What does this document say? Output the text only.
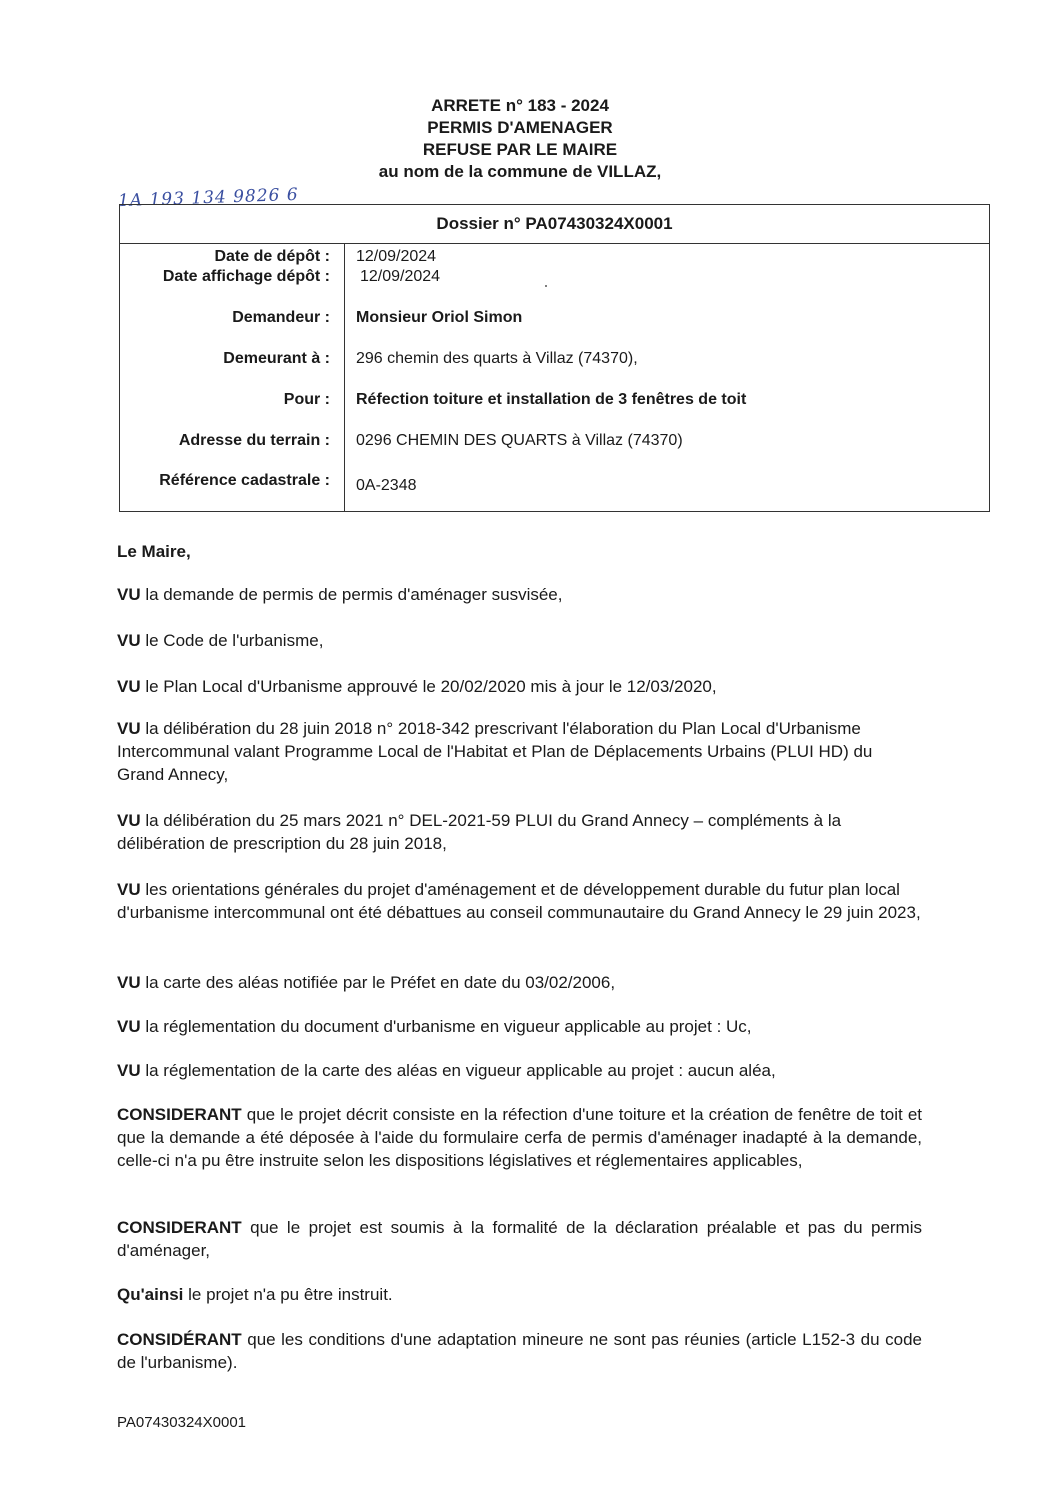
ARRETE n° 183 - 2024
PERMIS D'AMENAGER
REFUSE PAR LE MAIRE
au nom de la commune de VILLAZ,
1A 193 134 9826 6
Dossier n° PA07430324X0001
Date de dépôt : 12/09/2024
Date affichage dépôt : 12/09/2024
Demandeur : Monsieur Oriol Simon
Demeurant à : 296 chemin des quarts à Villaz (74370),
Pour : Réfection toiture et installation de 3 fenêtres de toit
Adresse du terrain : 0296 CHEMIN DES QUARTS à Villaz (74370)
Référence cadastrale : 0A-2348
Le Maire,
VU la demande de permis de permis d'aménager susvisée,
VU le Code de l'urbanisme,
VU le Plan Local d'Urbanisme approuvé le 20/02/2020 mis à jour le 12/03/2020,
VU la délibération du 28 juin 2018 n° 2018-342 prescrivant l'élaboration du Plan Local d'Urbanisme Intercommunal valant Programme Local de l'Habitat et Plan de Déplacements Urbains (PLUI HD) du Grand Annecy,
VU la délibération du 25 mars 2021 n° DEL-2021-59 PLUI du Grand Annecy – compléments à la délibération de prescription du 28 juin 2018,
VU les orientations générales du projet d'aménagement et de développement durable du futur plan local d'urbanisme intercommunal ont été débattues au conseil communautaire du Grand Annecy le 29 juin 2023,
VU la carte des aléas notifiée par le Préfet en date du 03/02/2006,
VU la réglementation du document d'urbanisme en vigueur applicable au projet : Uc,
VU la réglementation de la carte des aléas en vigueur applicable au projet : aucun aléa,
CONSIDERANT que le projet décrit consiste en la réfection d'une toiture et la création de fenêtre de toit et que la demande a été déposée à l'aide du formulaire cerfa de permis d'aménager inadapté à la demande, celle-ci n'a pu être instruite selon les dispositions législatives et réglementaires applicables,
CONSIDERANT que le projet est soumis à la formalité de la déclaration préalable et pas du permis d'aménager,
Qu'ainsi le projet n'a pu être instruit.
CONSIDÉRANT que les conditions d'une adaptation mineure ne sont pas réunies (article L152-3 du code de l'urbanisme).
PA07430324X0001
